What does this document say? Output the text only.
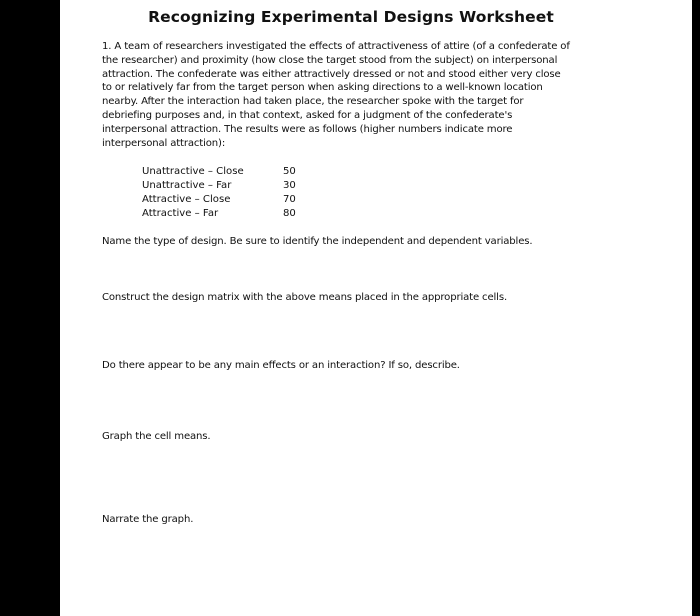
Recognizing Experimental Designs Worksheet
1. A team of researchers investigated the effects of attractiveness of attire (of a confederate of the researcher) and proximity (how close the target stood from the subject) on interpersonal attraction. The confederate was either attractively dressed or not and stood either very close to or relatively far from the target person when asking directions to a well-known location nearby. After the interaction had taken place, the researcher spoke with the target for debriefing purposes and, in that context, asked for a judgment of the confederate's interpersonal attraction. The results were as follows (higher numbers indicate more interpersonal attraction):
Unattractive – Close	50
Unattractive – Far	30
Attractive – Close	70
Attractive – Far	80
Name the type of design. Be sure to identify the independent and dependent variables.
Construct the design matrix with the above means placed in the appropriate cells.
Do there appear to be any main effects or an interaction? If so, describe.
Graph the cell means.
Narrate the graph.
